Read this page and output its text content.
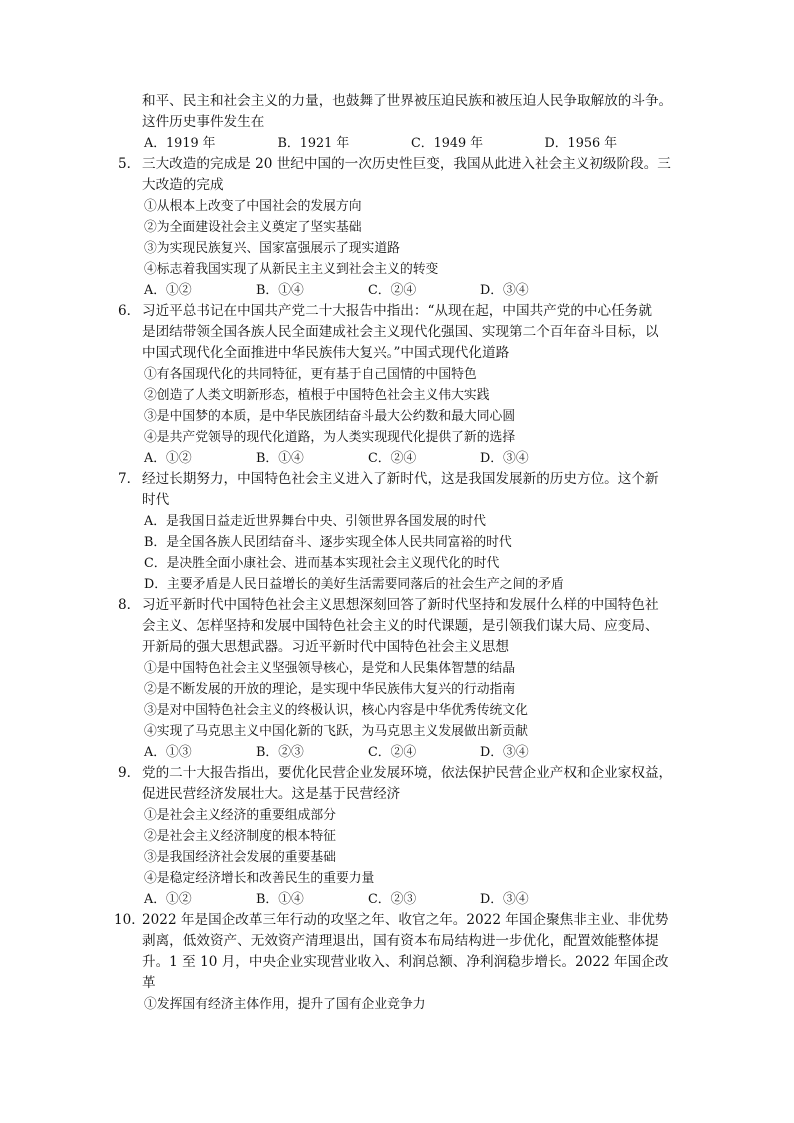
和平、民主和社会主义的力量，也鼓舞了世界被压迫民族和被压迫人民争取解放的斗争。
这件历史事件发生在
A．1919 年	B．1921 年	C．1949 年	D．1956 年
5． 三大改造的完成是 20 世纪中国的一次历史性巨变，我国从此进入社会主义初级阶段。三
大改造的完成
①从根本上改变了中国社会的发展方向
②为全面建设社会主义奠定了坚实基础
③为实现民族复兴、国家富强展示了现实道路
④标志着我国实现了从新民主主义到社会主义的转变
A．①②	B．①④	C．②④	D．③④
6． 习近平总书记在中国共产党二十大报告中指出：“从现在起，中国共产党的中心任务就
是团结带领全国各族人民全面建成社会主义现代化强国、实现第二个百年奋斗目标，以
中国式现代化全面推进中华民族伟大复兴。”中国式现代化道路
①有各国现代化的共同特征，更有基于自己国情的中国特色
②创造了人类文明新形态，植根于中国特色社会主义伟大实践
③是中国梦的本质，是中华民族团结奋斗最大公约数和最大同心圆
④是共产党领导的现代化道路，为人类实现现代化提供了新的选择
A．①②	B．①④	C．②④	D．③④
7． 经过长期努力，中国特色社会主义进入了新时代，这是我国发展新的历史方位。这个新
时代
A．是我国日益走近世界舞台中央、引领世界各国发展的时代
B．是全国各族人民团结奋斗、逐步实现全体人民共同富裕的时代
C．是决胜全面小康社会、进而基本实现社会主义现代化的时代
D．主要矛盾是人民日益增长的美好生活需要同落后的社会生产之间的矛盾
8． 习近平新时代中国特色社会主义思想深刻回答了新时代坚持和发展什么样的中国特色社
会主义、怎样坚持和发展中国特色社会主义的时代课题，是引领我们谋大局、应变局、
开新局的强大思想武器。习近平新时代中国特色社会主义思想
①是中国特色社会主义坚强领导核心，是党和人民集体智慧的结晶
②是不断发展的开放的理论，是实现中华民族伟大复兴的行动指南
③是对中国特色社会主义的终极认识，核心内容是中华优秀传统文化
④实现了马克思主义中国化新的飞跃，为马克思主义发展做出新贡献
A．①③	B．②③	C．②④	D．③④
9． 党的二十大报告指出，要优化民营企业发展环境，依法保护民营企业产权和企业家权益，
促进民营经济发展壮大。这是基于民营经济
①是社会主义经济的重要组成部分
②是社会主义经济制度的根本特征
③是我国经济社会发展的重要基础
④是稳定经济增长和改善民生的重要力量
A．①②	B．①④	C．②③	D．③④
10．2022 年是国企改革三年行动的攻坚之年、收官之年。2022 年国企聚焦非主业、非优势
剥离，低效资产、无效资产清理退出，国有资本布局结构进一步优化，配置效能整体提
升。1 至 10 月，中央企业实现营业收入、利润总额、净利润稳步增长。2022 年国企改
革
①发挥国有经济主体作用，提升了国有企业竞争力
